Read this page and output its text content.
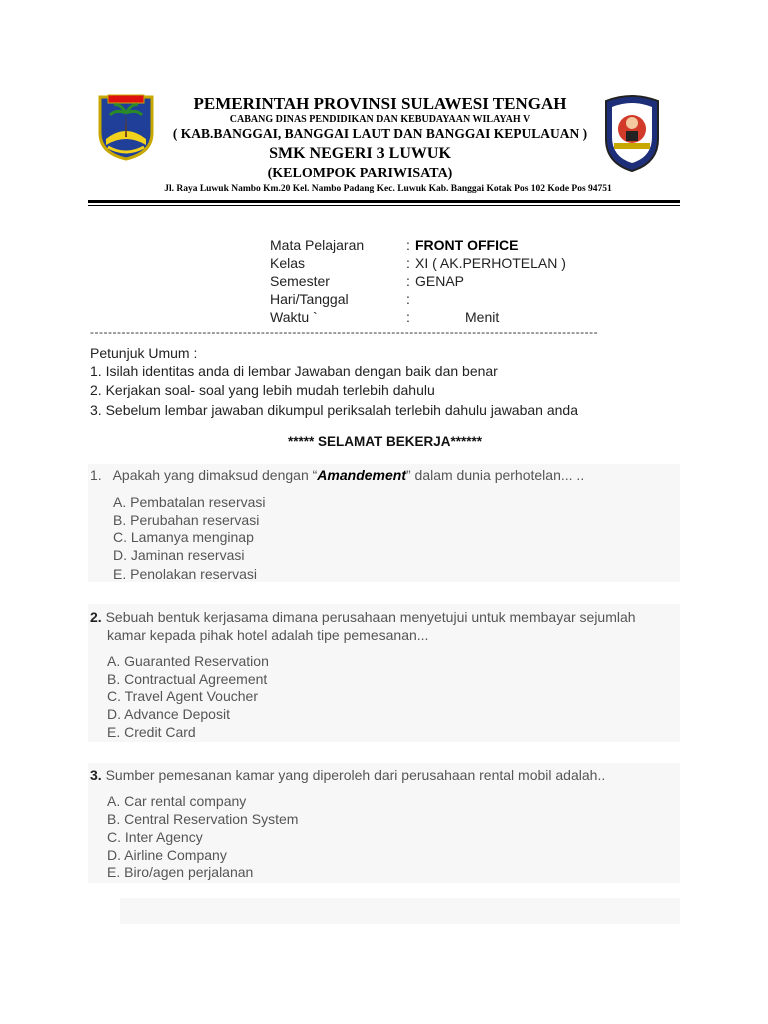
PEMERINTAH PROVINSI SULAWESI TENGAH
CABANG DINAS PENDIDIKAN DAN KEBUDAYAAN WILAYAH V
( KAB.BANGGAI, BANGGAI LAUT DAN BANGGAI KEPULAUAN )
SMK NEGERI 3 LUWUK
(KELOMPOK PARIWISATA)
Jl. Raya Luwuk Nambo Km.20 Kel. Nambo Padang Kec. Luwuk Kab. Banggai Kotak Pos 102 Kode Pos 94751
Mata Pelajaran	: FRONT OFFICE
Kelas	: XI ( AK.PERHOTELAN )
Semester	: GENAP
Hari/Tanggal	:
Waktu `	:	Menit
-----------------------------------------------------------------------------------------------------------------
Petunjuk Umum :
1. Isilah identitas anda di lembar Jawaban dengan baik dan benar
2. Kerjakan soal- soal yang lebih mudah terlebih dahulu
3. Sebelum lembar jawaban dikumpul periksalah terlebih dahulu jawaban anda
***** SELAMAT BEKERJA******
1. Apakah yang dimaksud dengan “Amandement” dalam dunia perhotelan... ..
A. Pembatalan reservasi
B. Perubahan reservasi
C. Lamanya menginap
D. Jaminan reservasi
E. Penolakan reservasi
2. Sebuah bentuk kerjasama dimana perusahaan menyetujui untuk membayar sejumlah
kamar kepada pihak hotel adalah tipe pemesanan...
A. Guaranted Reservation
B. Contractual Agreement
C. Travel Agent Voucher
D. Advance Deposit
E. Credit Card
3. Sumber pemesanan kamar yang diperoleh dari perusahaan rental mobil adalah..
A. Car rental company
B. Central Reservation System
C. Inter Agency
D. Airline Company
E. Biro/agen perjalanan
